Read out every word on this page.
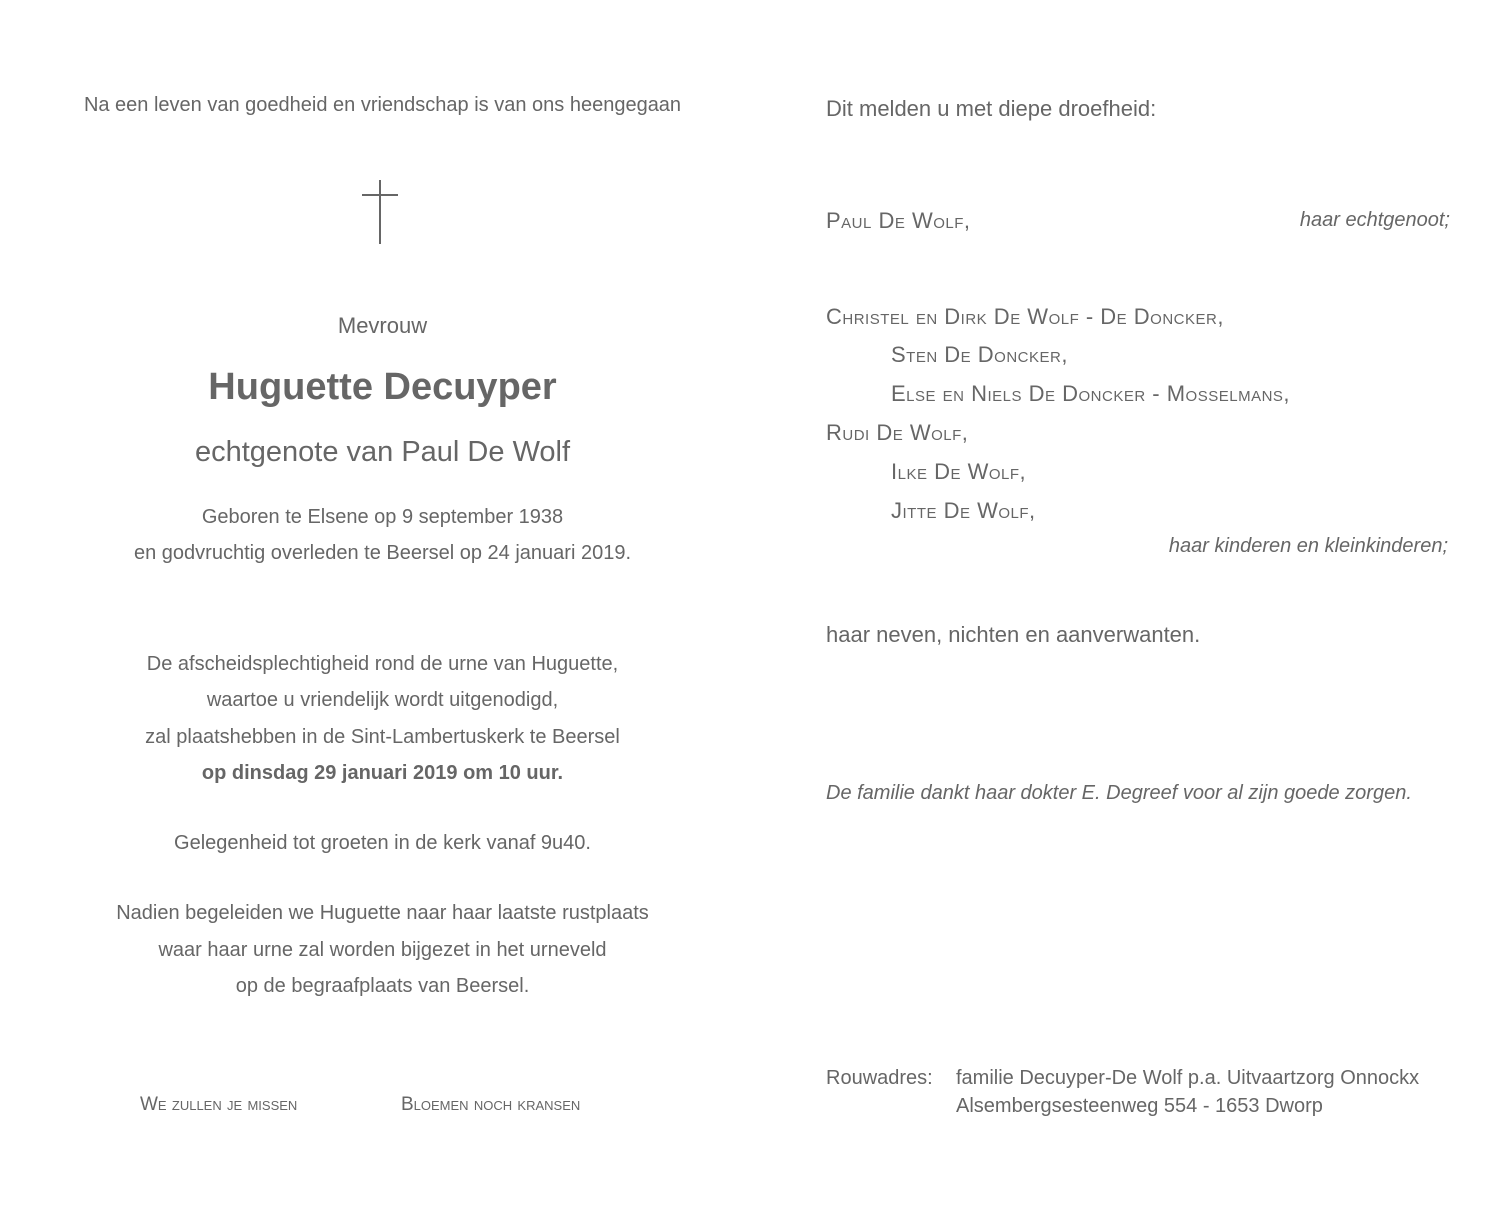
Na een leven van goedheid en vriendschap is van ons heengegaan
Mevrouw
Huguette Decuyper
echtgenote van Paul De Wolf
Geboren te Elsene op 9 september 1938
en godvruchtig overleden te Beersel op 24 januari 2019.
De afscheidsplechtigheid rond de urne van Huguette,
waartoe u vriendelijk wordt uitgenodigd,
zal plaatshebben in de Sint-Lambertuskerk te Beersel
op dinsdag 29 januari 2019 om 10 uur.
Gelegenheid tot groeten in de kerk vanaf 9u40.
Nadien begeleiden we Huguette naar haar laatste rustplaats
waar haar urne zal worden bijgezet in het urneveld
op de begraafplaats van Beersel.
We zullen je missen	Bloemen noch kransen
Dit melden u met diepe droefheid:
Paul De Wolf,	haar echtgenoot;
Christel en Dirk De Wolf - De Doncker,
Sten De Doncker,
Else en Niels De Doncker - Mosselmans,
Rudi De Wolf,
Ilke De Wolf,
Jitte De Wolf,
haar kinderen en kleinkinderen;
haar neven, nichten en aanverwanten.
De familie dankt haar dokter E. Degreef voor al zijn goede zorgen.
Rouwadres: familie Decuyper-De Wolf p.a. Uitvaartzorg Onnockx
Alsembergsesteenweg 554 - 1653 Dworp
